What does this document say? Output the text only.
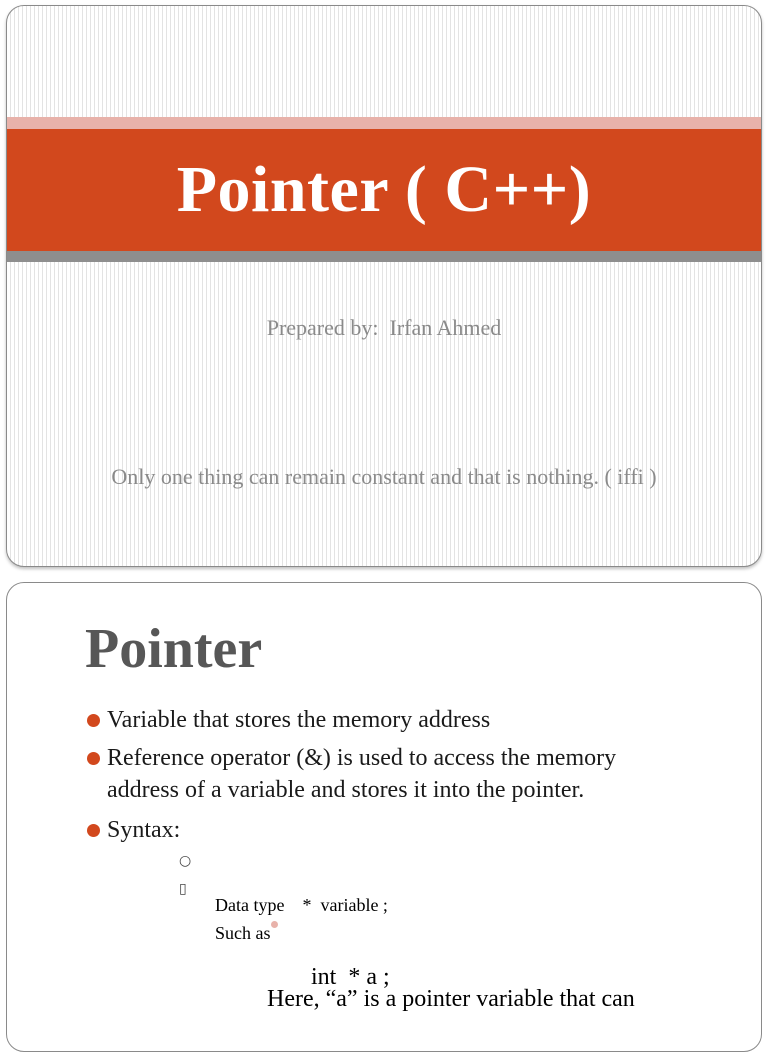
Pointer ( C++)
Prepared by:  Irfan Ahmed
Only one thing can remain constant and that is nothing. ( iffi )
Pointer
Variable that stores the memory address
Reference operator (&) is used to access the memory
address of a variable and stores it into the pointer.
Syntax:

○

Data type    *  variable ;

▯

Such as

int  * a ;

Here, “a” is a pointer variable that can
